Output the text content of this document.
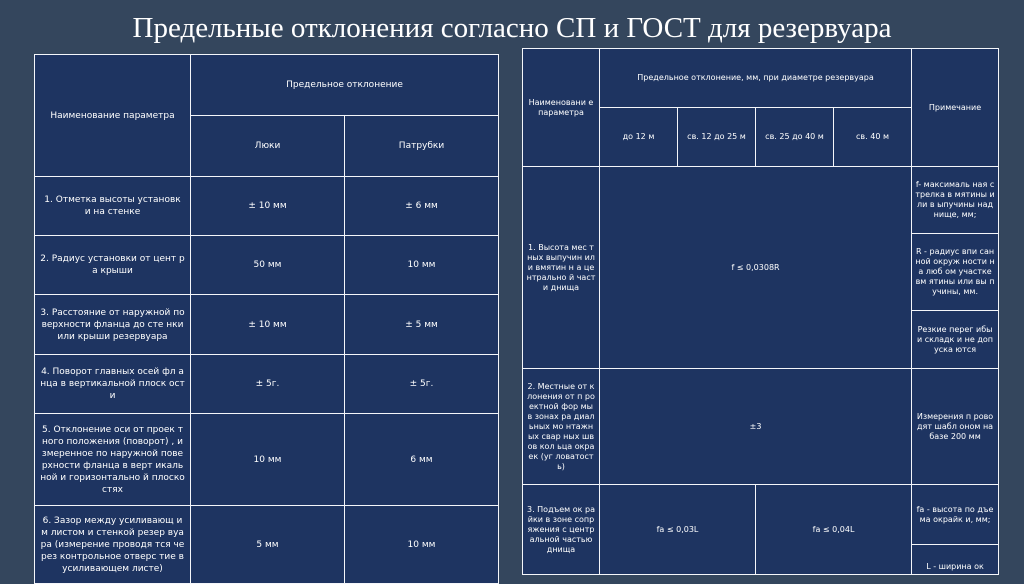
Предельные отклонения согласно СП и ГОСТ для резервуара
Наименование параметра	Предельное отклонение	
	Люки	Патрубки
1. Отметка высоты установк и на стенке	± 10 мм	± 6 мм
2. Радиус установки от цент ра крыши	50 мм	10 мм
3. Расстояние от наружной поверхности фланца до сте нки или крыши резервуара	± 10 мм	± 5 мм
4. Поворот главных осей фл анца в вертикальной плоск ости	± 5г.	± 5г.
5. Отклонение оси от проек тного положения (поворот) , измеренное по наружной поверхности фланца в верт икальной и горизонтально й плоскостях	10 мм	6 мм
6. Зазор между усиливающ им листом и стенкой резер вуара (измерение проводя тся через контрольное отверс тие в усиливающем листе)	5 мм	10 мм
Наименовани е параметра	Предельное отклонение, мм, при диаметре резервуара				Примечание
	до 12 м	св. 12 до 25 м	св. 25 до 40 м	св. 40 м	
1. Высота мес тных выпучин или вмятин н а центрально й части днища	f ≤ 0,0308R				f- максималь ная стрелка в мятины или в ыпучины над нище, мм;
					R - радиус впи санной окруж ности на люб ом участке вм ятины или вы пучины, мм.
					Резкие перег ибы и складк и не допуска ются
2. Местные от клонения от п роектной фор мы в зонах ра диальных мо нтажных свар ных швов кол ьца окраек (уг ловатость)	±3				Измерения п роводят шабл оном на базе 200 мм
3. Подъем ок райки в зоне сопряжения с центральной частью днища	fа ≤ 0,03L		fа ≤ 0,04L		fа - высота по дъема окрайк и, мм;
					L - ширина ок
